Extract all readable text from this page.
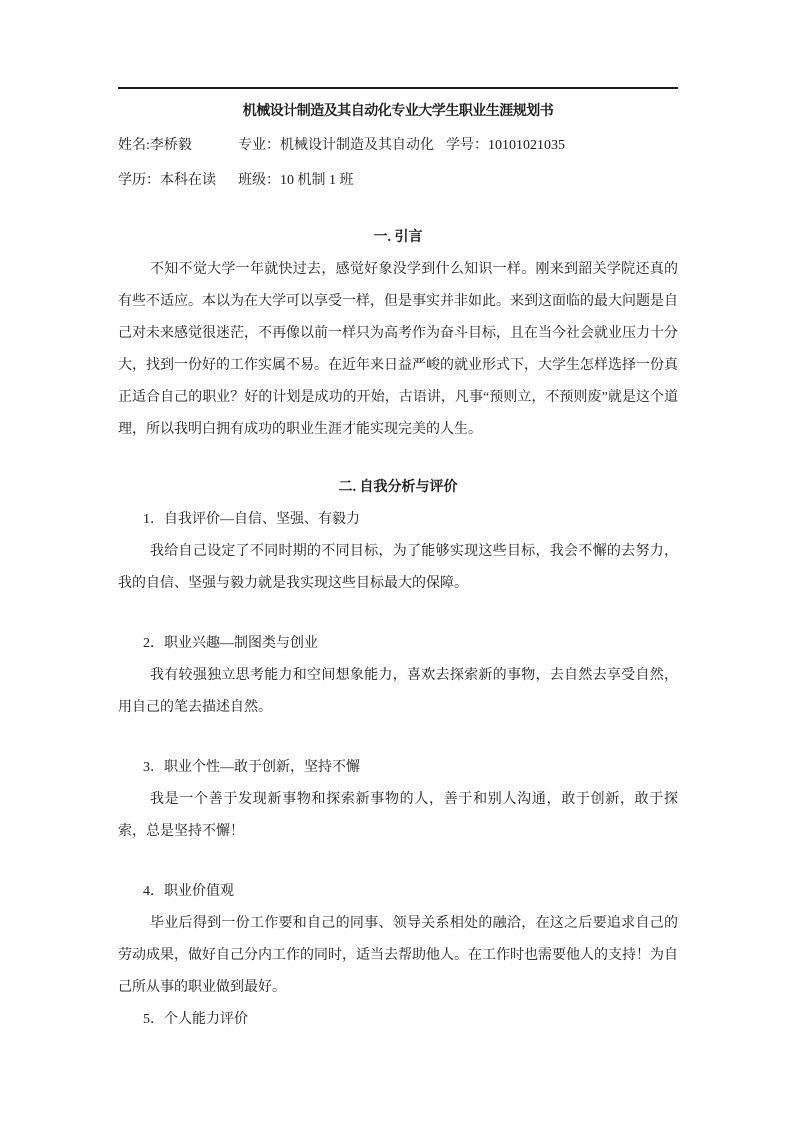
机械设计制造及其自动化专业大学生职业生涯规划书
姓名:李桥毅	专业：机械设计制造及其自动化 学号：10101021035
学历：本科在读 班级：10 机制 1 班
一. 引言

不知不觉大学一年就快过去，感觉好象没学到什么知识一样。刚来到韶关学院还真的有些不适应。本以为在大学可以享受一样，但是事实并非如此。来到这面临的最大问题是自己对未来感觉很迷茫，不再像以前一样只为高考作为奋斗目标，且在当今社会就业压力十分大，找到一份好的工作实属不易。在近年来日益严峻的就业形式下，大学生怎样选择一份真正适合自己的职业？好的计划是成功的开始，古语讲，凡事“预则立，不预则废”就是这个道理，所以我明白拥有成功的职业生涯才能实现完美的人生。

二. 自我分析与评价

1．自我评价—自信、坚强、有毅力

我给自己设定了不同时期的不同目标，为了能够实现这些目标，我会不懈的去努力，我的自信、坚强与毅力就是我实现这些目标最大的保障。

2．职业兴趣—制图类与创业

我有较强独立思考能力和空间想象能力，喜欢去探索新的事物，去自然去享受自然，用自己的笔去描述自然。

3．职业个性—敢于创新，坚持不懈

我是一个善于发现新事物和探索新事物的人，善于和别人沟通，敢于创新，敢于探索，总是坚持不懈！

4．职业价值观

毕业后得到一份工作要和自己的同事、领导关系相处的融洽，在这之后要追求自己的劳动成果，做好自己分内工作的同时，适当去帮助他人。在工作时也需要他人的支持！为自己所从事的职业做到最好。

5．个人能力评价
